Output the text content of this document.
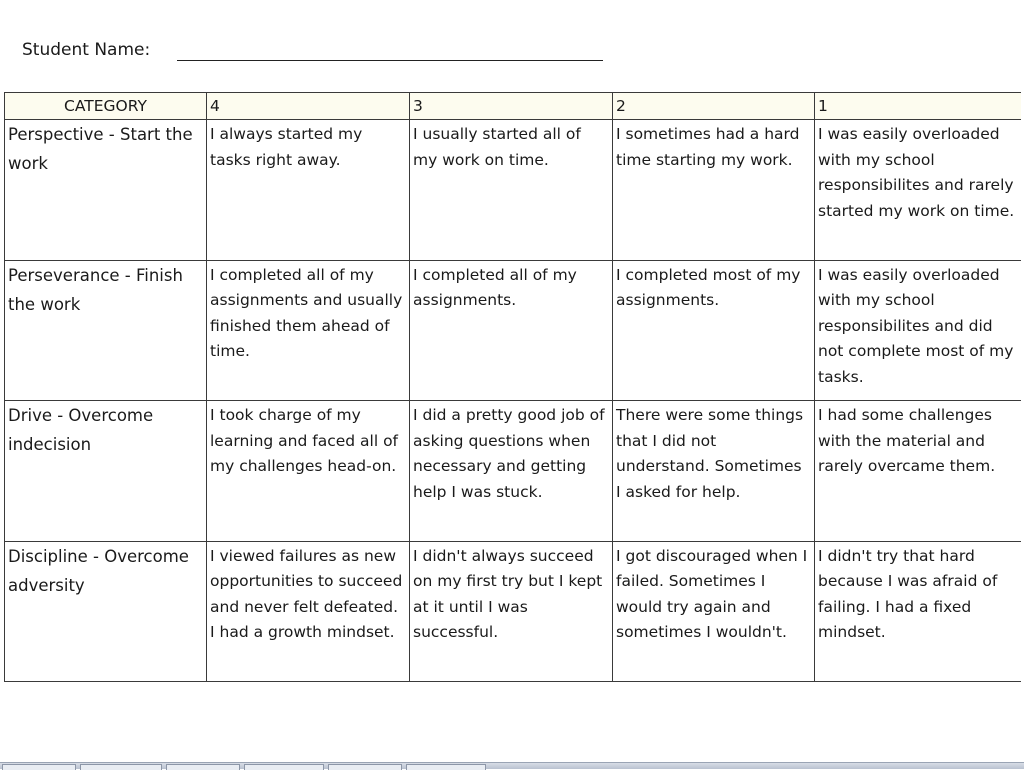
Student Name:
CATEGORY	4	3	2	1
Perspective - Start the work	I always started my tasks right away.	I usually started all of my work on time.	I sometimes had a hard time starting my work.	I was easily overloaded with my school responsibilites and rarely started my work on time.
Perseverance - Finish the work	I completed all of my assignments and usually finished them ahead of time.	I completed all of my assignments.	I completed most of my assignments.	I was easily overloaded with my school responsibilites and did not complete most of my tasks.
Drive - Overcome indecision	I took charge of my learning and faced all of my challenges head-on.	I did a pretty good job of asking questions when necessary and getting help I was stuck.	There were some things that I did not understand. Sometimes I asked for help.	I had some challenges with the material and rarely overcame them.
Discipline - Overcome adversity	I viewed failures as new opportunities to succeed and never felt defeated. I had a growth mindset.	I didn't always succeed on my first try but I kept at it until I was successful.	I got discouraged when I failed. Sometimes I would try again and sometimes I wouldn't.	I didn't try that hard because I was afraid of failing. I had a fixed mindset.
